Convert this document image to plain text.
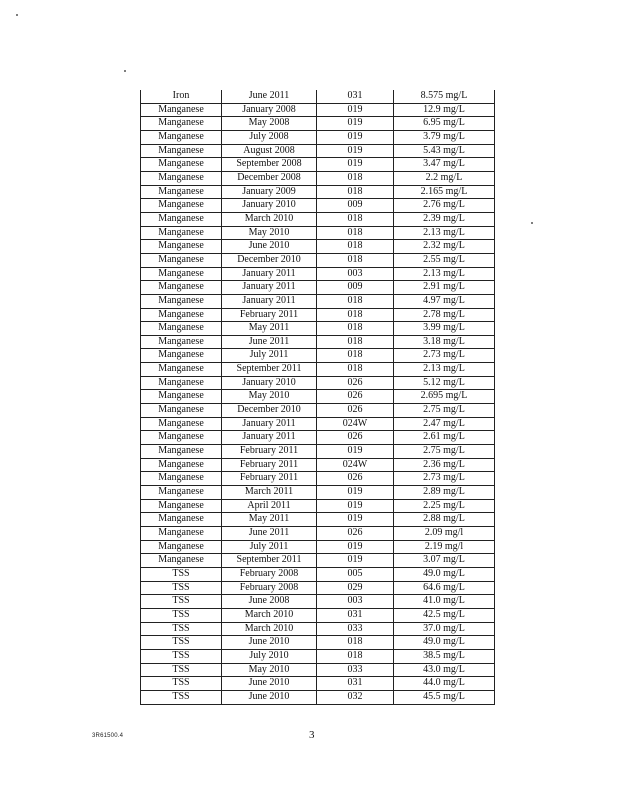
Iron	June 2011	031	8.575 mg/L
Manganese	January 2008	019	12.9 mg/L
Manganese	May 2008	019	6.95 mg/L
Manganese	July 2008	019	3.79 mg/L
Manganese	August 2008	019	5.43 mg/L
Manganese	September 2008	019	3.47 mg/L
Manganese	December 2008	018	2.2 mg/L
Manganese	January 2009	018	2.165 mg/L
Manganese	January 2010	009	2.76 mg/L
Manganese	March 2010	018	2.39 mg/L
Manganese	May 2010	018	2.13 mg/L
Manganese	June 2010	018	2.32 mg/L
Manganese	December 2010	018	2.55 mg/L
Manganese	January 2011	003	2.13 mg/L
Manganese	January 2011	009	2.91 mg/L
Manganese	January 2011	018	4.97 mg/L
Manganese	February 2011	018	2.78 mg/L
Manganese	May 2011	018	3.99 mg/L
Manganese	June 2011	018	3.18 mg/L
Manganese	July 2011	018	2.73 mg/L
Manganese	September 2011	018	2.13 mg/L
Manganese	January 2010	026	5.12 mg/L
Manganese	May 2010	026	2.695 mg/L
Manganese	December 2010	026	2.75 mg/L
Manganese	January 2011	024W	2.47 mg/L
Manganese	January 2011	026	2.61 mg/L
Manganese	February 2011	019	2.75 mg/L
Manganese	February 2011	024W	2.36 mg/L
Manganese	February 2011	026	2.73 mg/L
Manganese	March 2011	019	2.89 mg/L
Manganese	April 2011	019	2.25 mg/L
Manganese	May 2011	019	2.88 mg/L
Manganese	June 2011	026	2.09 mg/l
Manganese	July 2011	019	2.19 mg/l
Manganese	September 2011	019	3.07 mg/L
TSS	February 2008	005	49.0 mg/L
TSS	February 2008	029	64.6 mg/L
TSS	June 2008	003	41.0 mg/L
TSS	March 2010	031	42.5 mg/L
TSS	March 2010	033	37.0 mg/L
TSS	June 2010	018	49.0 mg/L
TSS	July 2010	018	38.5 mg/L
TSS	May 2010	033	43.0 mg/L
TSS	June 2010	031	44.0 mg/L
TSS	June 2010	032	45.5 mg/L
3R61500.4	3
